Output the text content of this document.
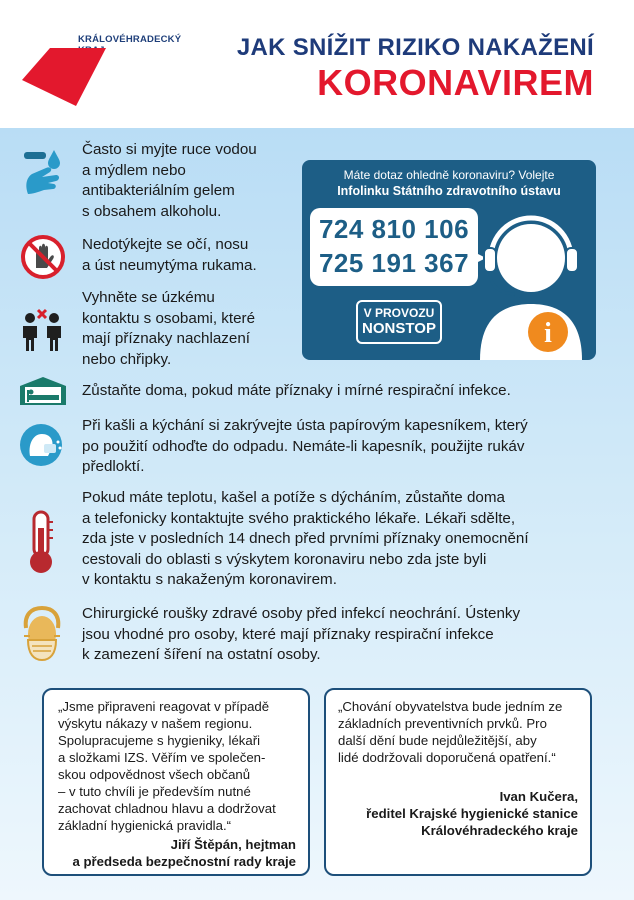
KRÁLOVÉHRADECKÝ JAK SNÍŽIT RIZIKO NAKAŽENÍ
KORONAVIREM
Často si myjte ruce vodou
a mýdlem nebo
antibakteriálním gelem
s obsahem alkoholu.
Nedotýkejte se očí, nosu
a úst neumytýma rukama.
Vyhněte se úzkému
kontaktu s osobami, které
mají příznaky nachlazení
nebo chřipky.
Máte dotaz ohledně koronaviru? Volejte
Infolinku Státního zdravotního ústavu
724 810 106
725 191 367
V PROVOZU
NONSTOP	i
Zůstaňte doma, pokud máte příznaky i mírné respirační infekce.
Při kašli a kýchání si zakrývejte ústa papírovým kapesníkem, který
po použití odhoďte do odpadu. Nemáte-li kapesník, použijte rukáv
předloktí.
Pokud máte teplotu, kašel a potíže s dýcháním, zůstaňte doma
a telefonicky kontaktujte svého praktického lékaře. Lékaři sdělte,
zda jste v posledních 14 dnech před prvními příznaky onemocnění
cestovali do oblasti s výskytem koronaviru nebo zda jste byli
v kontaktu s nakaženým koronavirem.
Chirurgické roušky zdravé osoby před infekcí neochrání. Ústenky
jsou vhodné pro osoby, které mají příznaky respirační infekce
k zamezení šíření na ostatní osoby.
„Jsme připraveni reagovat v případě
výskytu nákazy v našem regionu.
Spolupracujeme s hygieniky, lékaři
a složkami IZS. Věřím ve společen-
skou odpovědnost všech občanů
– v tuto chvíli je především nutné
zachovat chladnou hlavu a dodržovat
základní hygienická pravidla.“
Jiří Štěpán, hejtman
a předseda bezpečnostní rady kraje
„Chování obyvatelstva bude jedním ze
základních preventivních prvků. Pro
další dění bude nejdůležitější, aby
lidé dodržovali doporučená opatření.“
Ivan Kučera,
ředitel Krajské hygienické stanice
Královéhradeckého kraje
